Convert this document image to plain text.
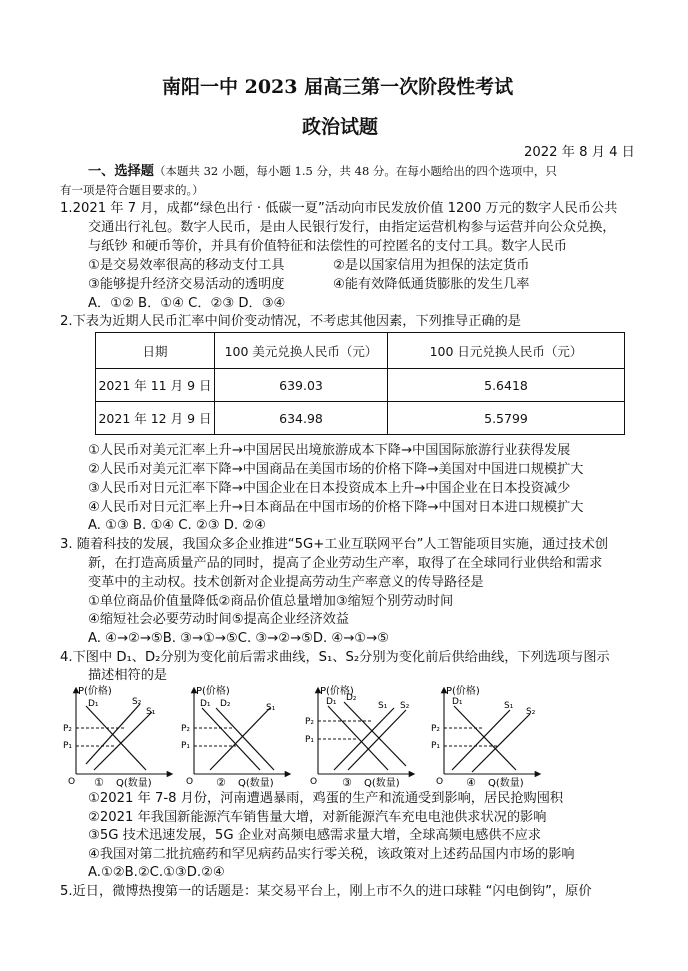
南阳一中 2023 届高三第一次阶段性考试
政治试题
2022 年 8 月 4 日
一、选择题（本题共 32 小题，每小题 1.5 分，共 48 分。在每小题给出的四个选项中，只
有一项是符合题目要求的。）
1.2021 年 7 月，成都“绿色出行 · 低碳一夏”活动向市民发放价值 1200 万元的数字人民币公共
交通出行礼包。数字人民币，是由人民银行发行，由指定运营机构参与运营并向公众兑换，
与纸钞 和硬币等价，并具有价值特征和法偿性的可控匿名的支付工具。数字人民币
①是交易效率很高的移动支付工具	②是以国家信用为担保的法定货币
③能够提升经济交易活动的透明度	④能有效降低通货膨胀的发生几率
A．①② B．①④ C．②③ D．③④
2.下表为近期人民币汇率中间价变动情况，不考虑其他因素，下列推导正确的是
日期	100 美元兑换人民币（元）	100 日元兑换人民币（元）
2021 年 11 月 9 日	639.03	5.6418
2021 年 12 月 9 日	634.98	5.5799
①人民币对美元汇率上升→中国居民出境旅游成本下降→中国国际旅游行业获得发展
②人民币对美元汇率下降→中国商品在美国市场的价格下降→美国对中国进口规模扩大
③人民币对日元汇率下降→中国企业在日本投资成本上升→中国企业在日本投资减少
④人民币对日元汇率上升→日本商品在中国市场的价格下降→中国对日本进口规模扩大
A. ①③ B. ①④ C. ②③ D. ②④
3. 随着科技的发展，我国众多企业推进“5G+工业互联网平台”人工智能项目实施，通过技术创
新，在打造高质量产品的同时，提高了企业劳动生产率，取得了在全球同行业供给和需求
变革中的主动权。技术创新对企业提高劳动生产率意义的传导路径是
①单位商品价值量降低②商品价值总量增加③缩短个别劳动时间
④缩短社会必要劳动时间⑤提高企业经济效益
A. ④→②→⑤B. ③→①→⑤C. ③→②→⑤D. ④→①→⑤
4.下图中 D₁、D₂分别为变化前后需求曲线，S₁、S₂分别为变化前后供给曲线，下列选项与图示
描述相符的是
P(价格)
O
P₂
P₁
D₁	S₂
S₁
① Q(数量)
P(价格)
O
P₂
P₁
D₁ D₂	S₁
② Q(数量)
P(价格)
O
P₂
P₁
D₁ D₂
S₁ S₂
③ Q(数量)
P(价格)
O
P₂
P₁
D₁	S₁
S₂
④ Q(数量)
①2021 年 7-8 月份，河南遭遇暴雨，鸡蛋的生产和流通受到影响，居民抢购囤积
②2021 年我国新能源汽车销售量大增，对新能源汽车充电电池供求状况的影响
③5G 技术迅速发展，5G 企业对高频电感需求量大增，全球高频电感供不应求
④我国对第二批抗癌药和罕见病药品实行零关税，该政策对上述药品国内市场的影响
A.①②B.②C.①③D.②④
5.近日，微博热搜第一的话题是：某交易平台上，刚上市不久的进口球鞋 “闪电倒钩”，原价
